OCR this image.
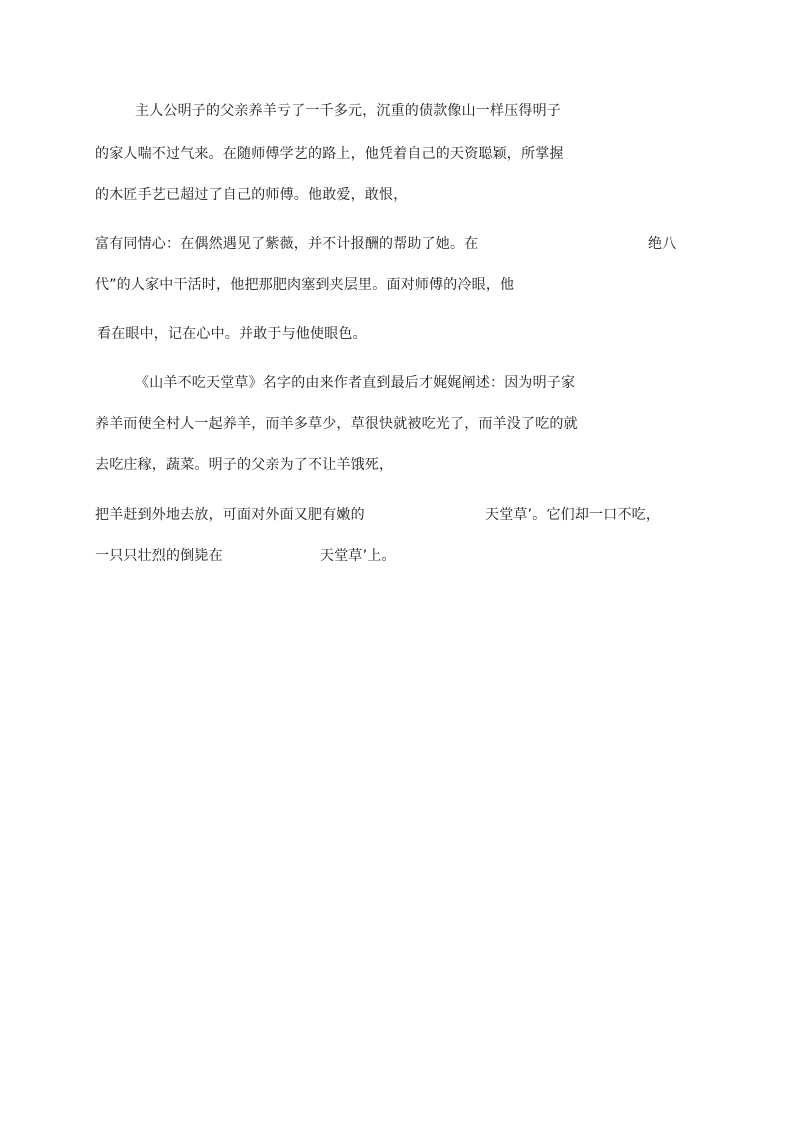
主人公明子的父亲养羊亏了一千多元，沉重的债款像山一样压得明子
的家人喘不过气来。在随师傅学艺的路上，他凭着自己的天资聪颖，所掌握
的木匠手艺已超过了自己的师傅。他敢爱，敢恨，
富有同情心：在偶然遇见了紫薇，并不计报酬的帮助了她。在	绝八
代”的人家中干活时，他把那肥肉塞到夹层里。面对师傅的冷眼，他
看在眼中，记在心中。并敢于与他使眼色。
《山羊不吃天堂草》名字的由来作者直到最后才娓娓阐述：因为明子家
养羊而使全村人一起养羊，而羊多草少，草很快就被吃光了，而羊没了吃的就
去吃庄稼，蔬菜。明子的父亲为了不让羊饿死，
把羊赶到外地去放，可面对外面又肥有嫩的	天堂草’。它们却一口不吃，
一只只壮烈的倒毙在	天堂草’上。
